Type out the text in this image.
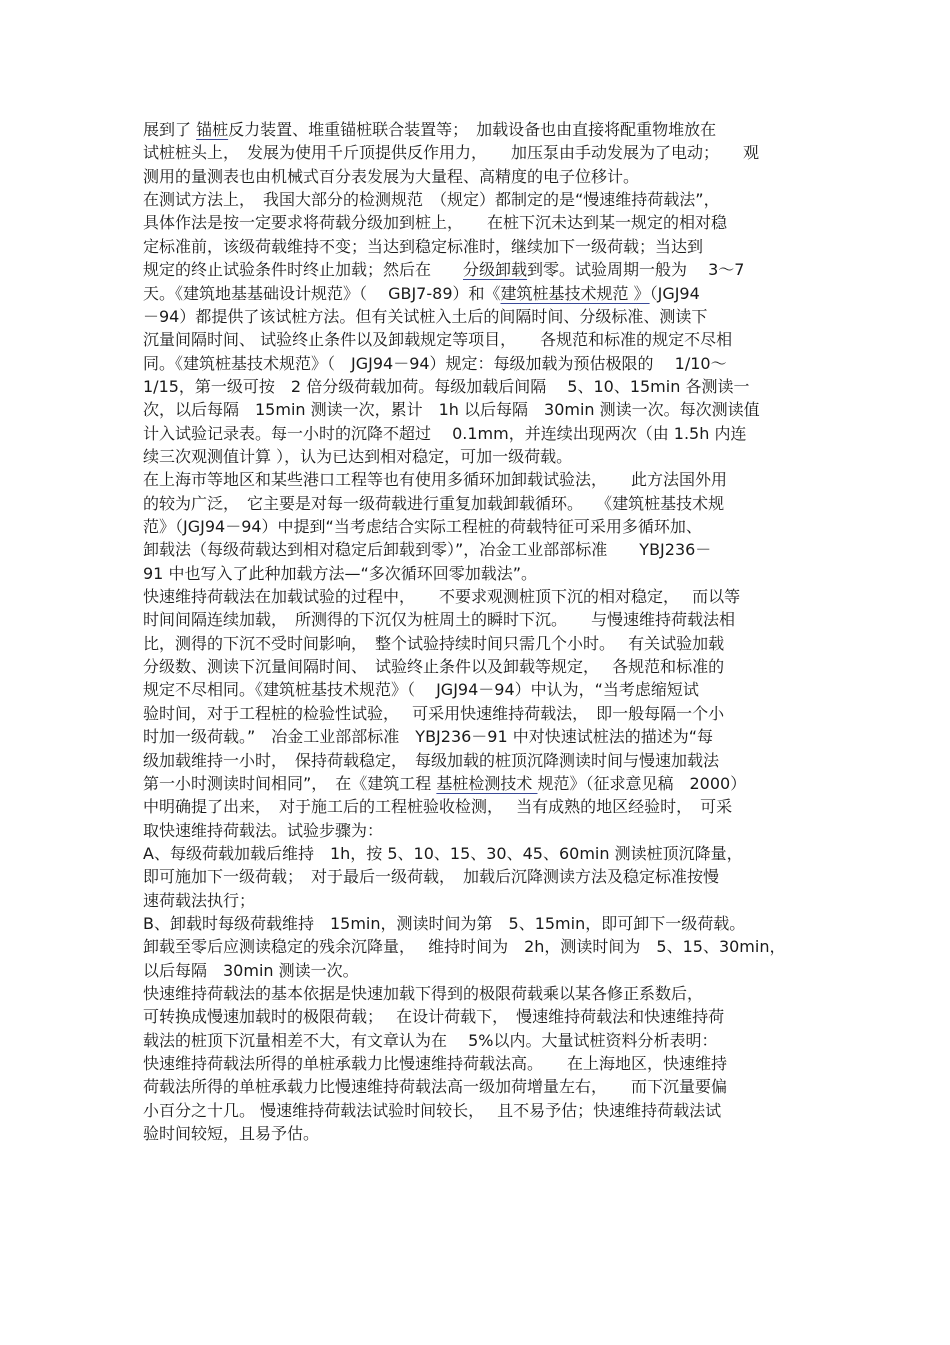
展到了 锚桩反力装置、堆重锚桩联合装置等；　加载设备也由直接将配重物堆放在
试桩桩头上，　发展为使用千斤顶提供反作用力，　　加压泵由手动发展为了电动；　　观
测用的量测表也由机械式百分表发展为大量程、高精度的电子位移计。
在测试方法上，　我国大部分的检测规范　（规定）都制定的是“慢速维持荷载法”，
具体作法是按一定要求将荷载分级加到桩上，　　在桩下沉未达到某一规定的相对稳
定标准前，该级荷载维持不变；当达到稳定标准时，继续加下一级荷载；当达到
规定的终止试验条件时终止加载；然后在　　分级卸载到零。试验周期一般为　 3～7
天。《建筑地基基础设计规范》（　 GBJ7-89）和《建筑桩基技术规范 》（JGJ94
－94）都提供了该试桩方法。但有关试桩入土后的间隔时间、分级标准、测读下
沉量间隔时间、 试验终止条件以及卸载规定等项目，　　各规范和标准的规定不尽相
同。《建筑桩基技术规范》（　JGJ94－94）规定：每级加载为预估极限的　 1/10～
1/15，第一级可按　2 倍分级荷载加荷。每级加载后间隔　 5、10、15min 各测读一
次，以后每隔　15min 测读一次，累计　1h 以后每隔　30min 测读一次。每次测读值
计入试验记录表。每一小时的沉降不超过　 0.1mm，并连续出现两次（由 1.5h 内连
续三次观测值计算 ），认为已达到相对稳定，可加一级荷载。
在上海市等地区和某些港口工程等也有使用多循环加卸载试验法，　　此方法国外用
的较为广泛，　它主要是对每一级荷载进行重复加载卸载循环。　 《建筑桩基技术规
范》（JGJ94－94）中提到“当考虑结合实际工程桩的荷载特征可采用多循环加、
卸载法（每级荷载达到相对稳定后卸载到零）”，冶金工业部部标准　　YBJ236－
91 中也写入了此种加载方法—“多次循环回零加载法”。
快速维持荷载法在加载试验的过程中，　　不要求观测桩顶下沉的相对稳定，　 而以等
时间间隔连续加载，　所测得的下沉仅为桩周土的瞬时下沉。　　与慢速维持荷载法相
比，测得的下沉不受时间影响，　整个试验持续时间只需几个小时。　 有关试验加载
分级数、测读下沉量间隔时间、　试验终止条件以及卸载等规定，　 各规范和标准的
规定不尽相同。《建筑桩基技术规范》（　 JGJ94－94）中认为，“当考虑缩短试
验时间，对于工程桩的检验性试验，　 可采用快速维持荷载法，　即一般每隔一个小
时加一级荷载。”　冶金工业部部标准　YBJ236－91 中对快速试桩法的描述为“每
级加载维持一小时，　保持荷载稳定，　每级加载的桩顶沉降测读时间与慢速加载法
第一小时测读时间相同”，　在《建筑工程 基桩检测技术 规范》（征求意见稿　2000）
中明确提了出来，　对于施工后的工程桩验收检测，　 当有成熟的地区经验时，　可采
取快速维持荷载法。试验步骤为：
A、每级荷载加载后维持　1h，按 5、10、15、30、45、60min 测读桩顶沉降量，
即可施加下一级荷载；　对于最后一级荷载，　加载后沉降测读方法及稳定标准按慢
速荷载法执行；
B、卸载时每级荷载维持　15min，测读时间为第　5、15min，即可卸下一级荷载。
卸载至零后应测读稳定的残余沉降量，　 维持时间为　2h，测读时间为　5、15、30min，
以后每隔　30min 测读一次。
快速维持荷载法的基本依据是快速加载下得到的极限荷载乘以某各修正系数后，
可转换成慢速加载时的极限荷载；　 在设计荷载下，　慢速维持荷载法和快速维持荷
载法的桩顶下沉量相差不大，有文章认为在　 5%以内。大量试桩资料分析表明：
快速维持荷载法所得的单桩承载力比慢速维持荷载法高。　　在上海地区，快速维持
荷载法所得的单桩承载力比慢速维持荷载法高一级加荷增量左右，　　而下沉量要偏
小百分之十几。 慢速维持荷载法试验时间较长，　 且不易予估；快速维持荷载法试
验时间较短，且易予估。
